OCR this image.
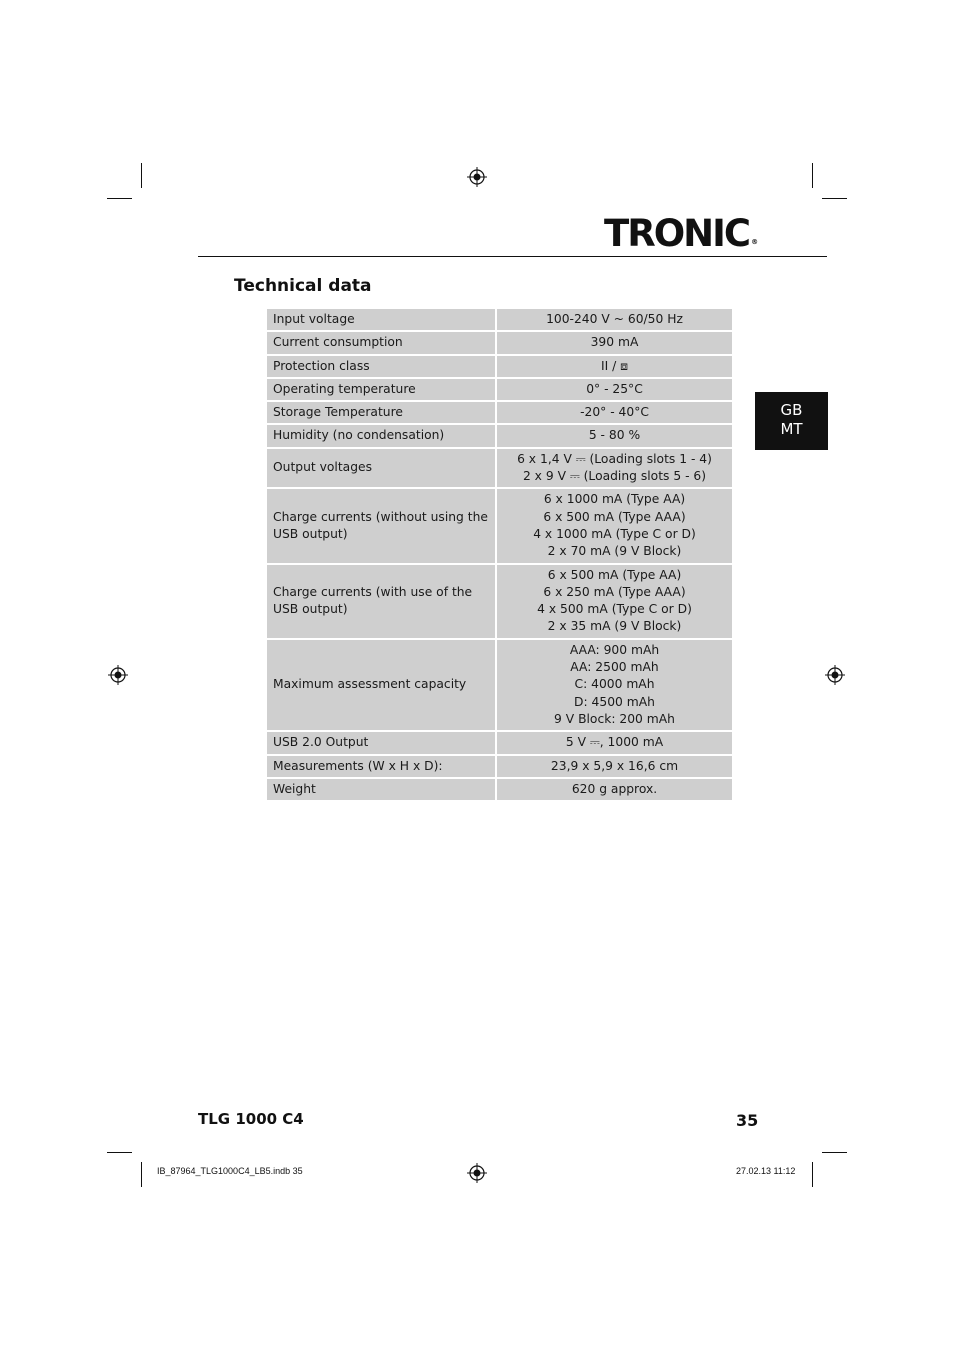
TRONIC ®
Technical data
Input voltage	100-240 V ~ 60/50 Hz

Current consumption	390 mA

Protection class	II / ⧈

Operating temperature	0° - 25°C

Storage Temperature	-20° - 40°C

Humidity (no condensation)	5 - 80 %

Output voltages	6 x 1,4 V ⎓ (Loading slots 1 - 4)
2 x 9 V ⎓ (Loading slots 5 - 6)

Charge currents (without using the USB output)	6 x 1000 mA (Type AA)
6 x 500 mA (Type AAA)
4 x 1000 mA (Type C or D)
2 x 70 mA (9 V Block)

Charge currents (with use of the USB output)	6 x 500 mA (Type AA)
6 x 250 mA (Type AAA)
4 x 500 mA (Type C or D)
2 x 35 mA (9 V Block)

Maximum assessment capacity	AAA: 900 mAh
AA: 2500 mAh
C: 4000 mAh
D: 4500 mAh
9 V Block: 200 mAh

USB 2.0 Output	5 V ⎓, 1000 mA

Measurements (W x H x D):	23,9 x 5,9 x 16,6 cm

Weight	620 g approx.
GB
MT
TLG 1000 C4	35
IB_87964_TLG1000C4_LB5.indb 35	27.02.13 11:12
